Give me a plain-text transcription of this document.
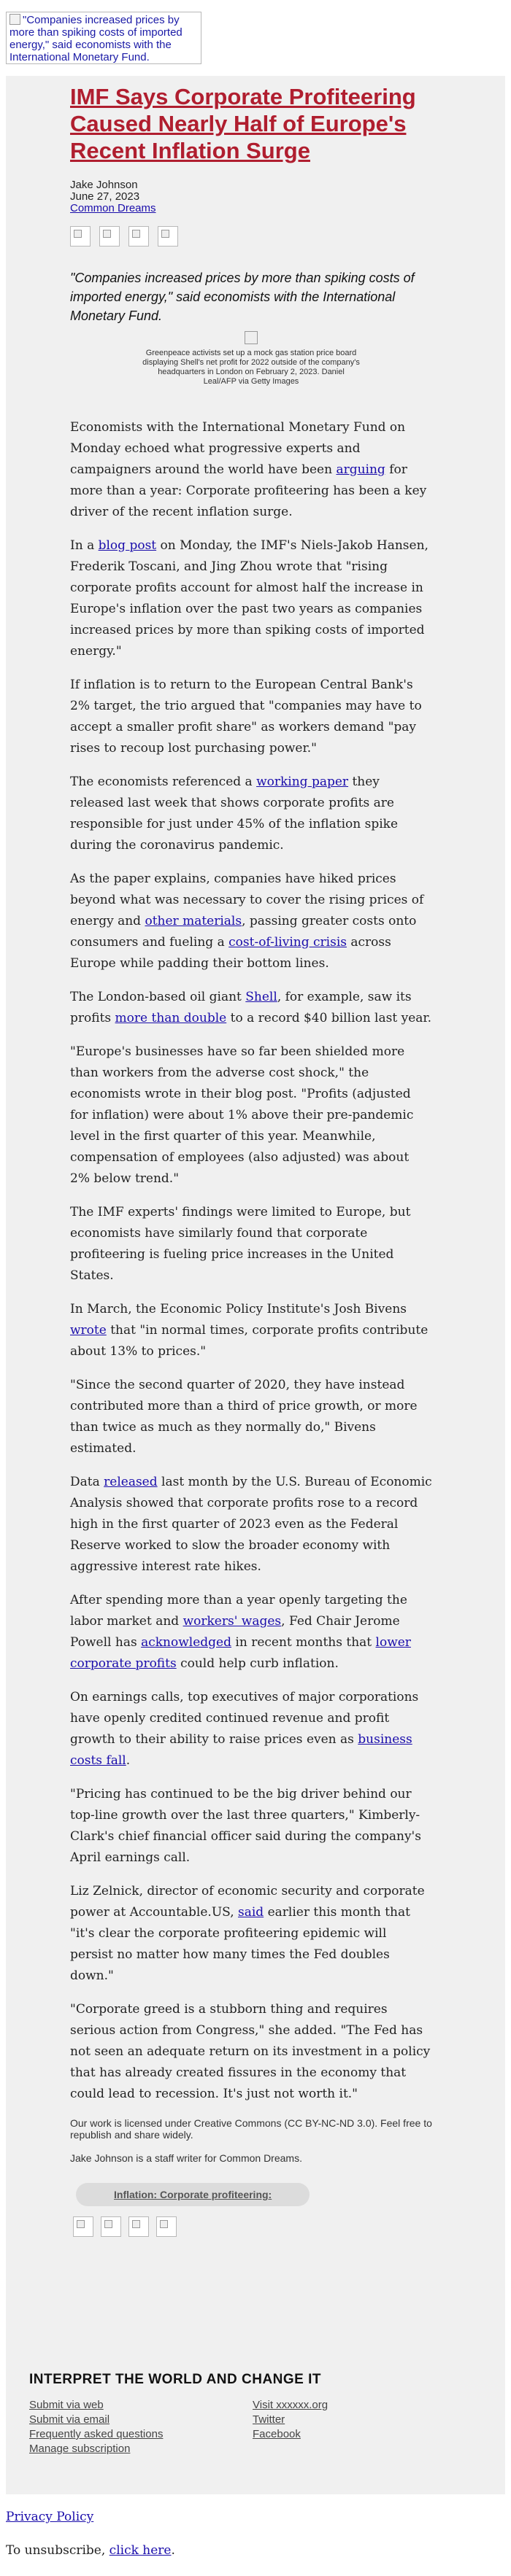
"Companies increased prices by more than spiking costs of imported energy," said economists with the International Monetary Fund.
IMF Says Corporate Profiteering Caused Nearly Half of Europe's Recent Inflation Surge
Jake Johnson
June 27, 2023
Common Dreams
"Companies increased prices by more than spiking costs of imported energy," said economists with the International Monetary Fund.
Greenpeace activists set up a mock gas station price board displaying Shell's net profit for 2022 outside of the company's headquarters in London on February 2, 2023. Daniel Leal/AFP via Getty Images

Economists with the International Monetary Fund on Monday echoed what progressive experts and campaigners around the world have been arguing for more than a year: Corporate profiteering has been a key driver of the recent inflation surge.

In a blog post on Monday, the IMF's Niels-Jakob Hansen, Frederik Toscani, and Jing Zhou wrote that "rising corporate profits account for almost half the increase in Europe's inflation over the past two years as companies increased prices by more than spiking costs of imported energy."

If inflation is to return to the European Central Bank's 2% target, the trio argued that "companies may have to accept a smaller profit share" as workers demand "pay rises to recoup lost purchasing power."

The economists referenced a working paper they released last week that shows corporate profits are responsible for just under 45% of the inflation spike during the coronavirus pandemic.

As the paper explains, companies have hiked prices beyond what was necessary to cover the rising prices of energy and other materials, passing greater costs onto consumers and fueling a cost-of-living crisis across Europe while padding their bottom lines.

The London-based oil giant Shell, for example, saw its profits more than double to a record $40 billion last year.

"Europe's businesses have so far been shielded more than workers from the adverse cost shock," the economists wrote in their blog post. "Profits (adjusted for inflation) were about 1% above their pre-pandemic level in the first quarter of this year. Meanwhile, compensation of employees (also adjusted) was about 2% below trend."

The IMF experts' findings were limited to Europe, but economists have similarly found that corporate profiteering is fueling price increases in the United States.

In March, the Economic Policy Institute's Josh Bivens wrote that "in normal times, corporate profits contribute about 13% to prices."

"Since the second quarter of 2020, they have instead contributed more than a third of price growth, or more than twice as much as they normally do," Bivens estimated.

Data released last month by the U.S. Bureau of Economic Analysis showed that corporate profits rose to a record high in the first quarter of 2023 even as the Federal Reserve worked to slow the broader economy with aggressive interest rate hikes.

After spending more than a year openly targeting the labor market and workers' wages, Fed Chair Jerome Powell has acknowledged in recent months that lower corporate profits could help curb inflation.

On earnings calls, top executives of major corporations have openly credited continued revenue and profit growth to their ability to raise prices even as business costs fall.

"Pricing has continued to be the big driver behind our top-line growth over the last three quarters," Kimberly-Clark's chief financial officer said during the company's April earnings call.

Liz Zelnick, director of economic security and corporate power at Accountable.US, said earlier this month that "it's clear the corporate profiteering epidemic will persist no matter how many times the Fed doubles down."

"Corporate greed is a stubborn thing and requires serious action from Congress," she added. "The Fed has not seen an adequate return on its investment in a policy that has already created fissures in the economy that could lead to recession. It's just not worth it."

Our work is licensed under Creative Commons (CC BY-NC-ND 3.0). Feel free to republish and share widely.
Jake Johnson is a staff writer for Common Dreams.
Inflation: Corporate profiteering:
INTERPRET THE WORLD AND CHANGE IT
Submit via web
Submit via email
Frequently asked questions
Manage subscription
Visit xxxxxx.org
Twitter
Facebook

Privacy Policy

To unsubscribe, click here.
